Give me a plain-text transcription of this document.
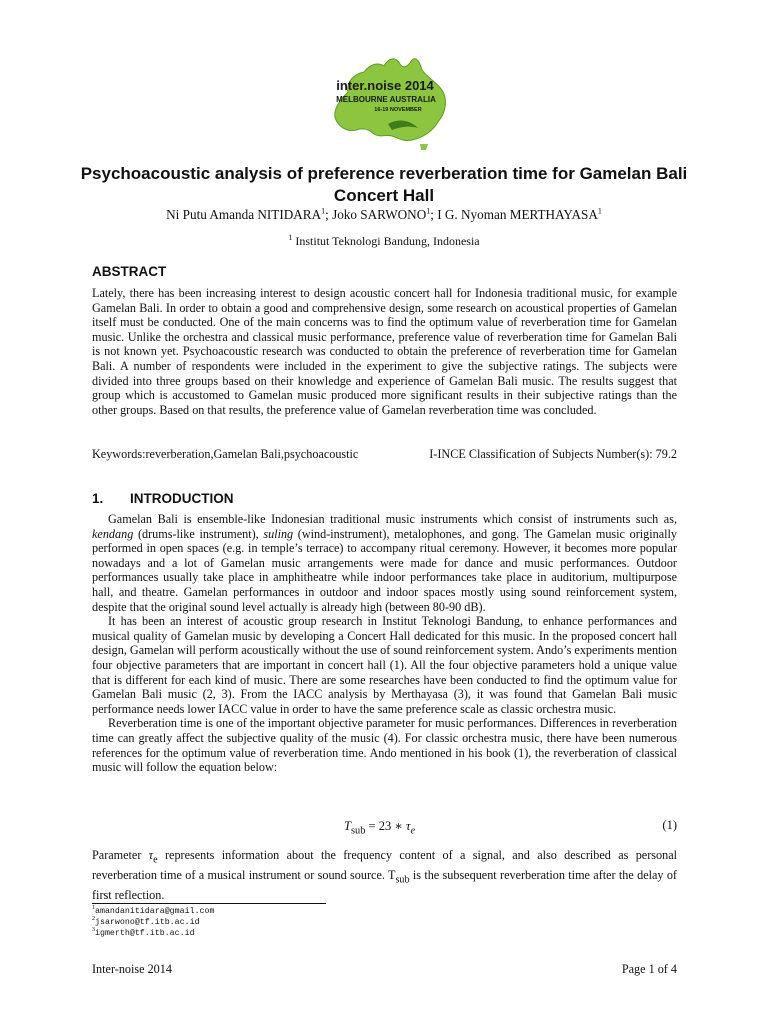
inter.noise 2014
MELBOURNE AUSTRALIA
16-19 NOVEMBER
Psychoacoustic analysis of preference reverberation time for Gamelan Bali Concert Hall
Ni Putu Amanda NITIDARA$^1$; Joko SARWONO$^1$; I G. Nyoman MERTHAYASA$^1$
$^1$ Institut Teknologi Bandung, Indonesia
ABSTRACT

Lately, there has been increasing interest to design acoustic concert hall for Indonesia traditional music, for example Gamelan Bali. In order to obtain a good and comprehensive design, some research on acoustical properties of Gamelan itself must be conducted. One of the main concerns was to find the optimum value of reverberation time for Gamelan music. Unlike the orchestra and classical music performance, preference value of reverberation time for Gamelan Bali is not known yet. Psychoacoustic research was conducted to obtain the preference of reverberation time for Gamelan Bali. A number of respondents were included in the experiment to give the subjective ratings. The subjects were divided into three groups based on their knowledge and experience of Gamelan Bali music. The results suggest that group which is accustomed to Gamelan music produced more significant results in their subjective ratings than the other groups. Based on that results, the preference value of Gamelan reverberation time was concluded.

Keywords:reverberation,Gamelan Bali,psychoacoustic	I-INCE Classification of Subjects Number(s): 79.2
1. INTRODUCTION

Gamelan Bali is ensemble-like Indonesian traditional music instruments which consist of instruments such as, kendang (drums-like instrument), suling (wind-instrument), metalophones, and gong. The Gamelan music originally performed in open spaces (e.g. in temple’s terrace) to accompany ritual ceremony. However, it becomes more popular nowadays and a lot of Gamelan music arrangements were made for dance and music performances. Outdoor performances usually take place in amphitheatre while indoor performances take place in auditorium, multipurpose hall, and theatre. Gamelan performances in outdoor and indoor spaces mostly using sound reinforcement system, despite that the original sound level actually is already high (between 80-90 dB).

It has been an interest of acoustic group research in Institut Teknologi Bandung, to enhance performances and musical quality of Gamelan music by developing a Concert Hall dedicated for this music. In the proposed concert hall design, Gamelan will perform acoustically without the use of sound reinforcement system. Ando’s experiments mention four objective parameters that are important in concert hall (1). All the four objective parameters hold a unique value that is different for each kind of music. There are some researches have been conducted to find the optimum value for Gamelan Bali music (2, 3). From the IACC analysis by Merthayasa (3), it was found that Gamelan Bali music performance needs lower IACC value in order to have the same preference scale as classic orchestra music.

Reverberation time is one of the important objective parameter for music performances. Differences in reverberation time can greatly affect the subjective quality of the music (4). For classic orchestra music, there have been numerous references for the optimum value of reverberation time. Ando mentioned in his book (1), the reverberation of classical music will follow the equation below:

$T_{sub} = 23$ ∗ $\tau_e$	(1)

Parameter $\tau_e$ represents information about the frequency content of a signal, and also described as personal reverberation time of a musical instrument or sound source. $T_{sub}$ is the subsequent reverberation time after the delay of first reflection.

$^1$amandanitidara@gmail.com
$^2$jsarwono@tf.itb.ac.id
$^3$igmerth@tf.itb.ac.id
Inter-noise 2014	Page 1 of 4
